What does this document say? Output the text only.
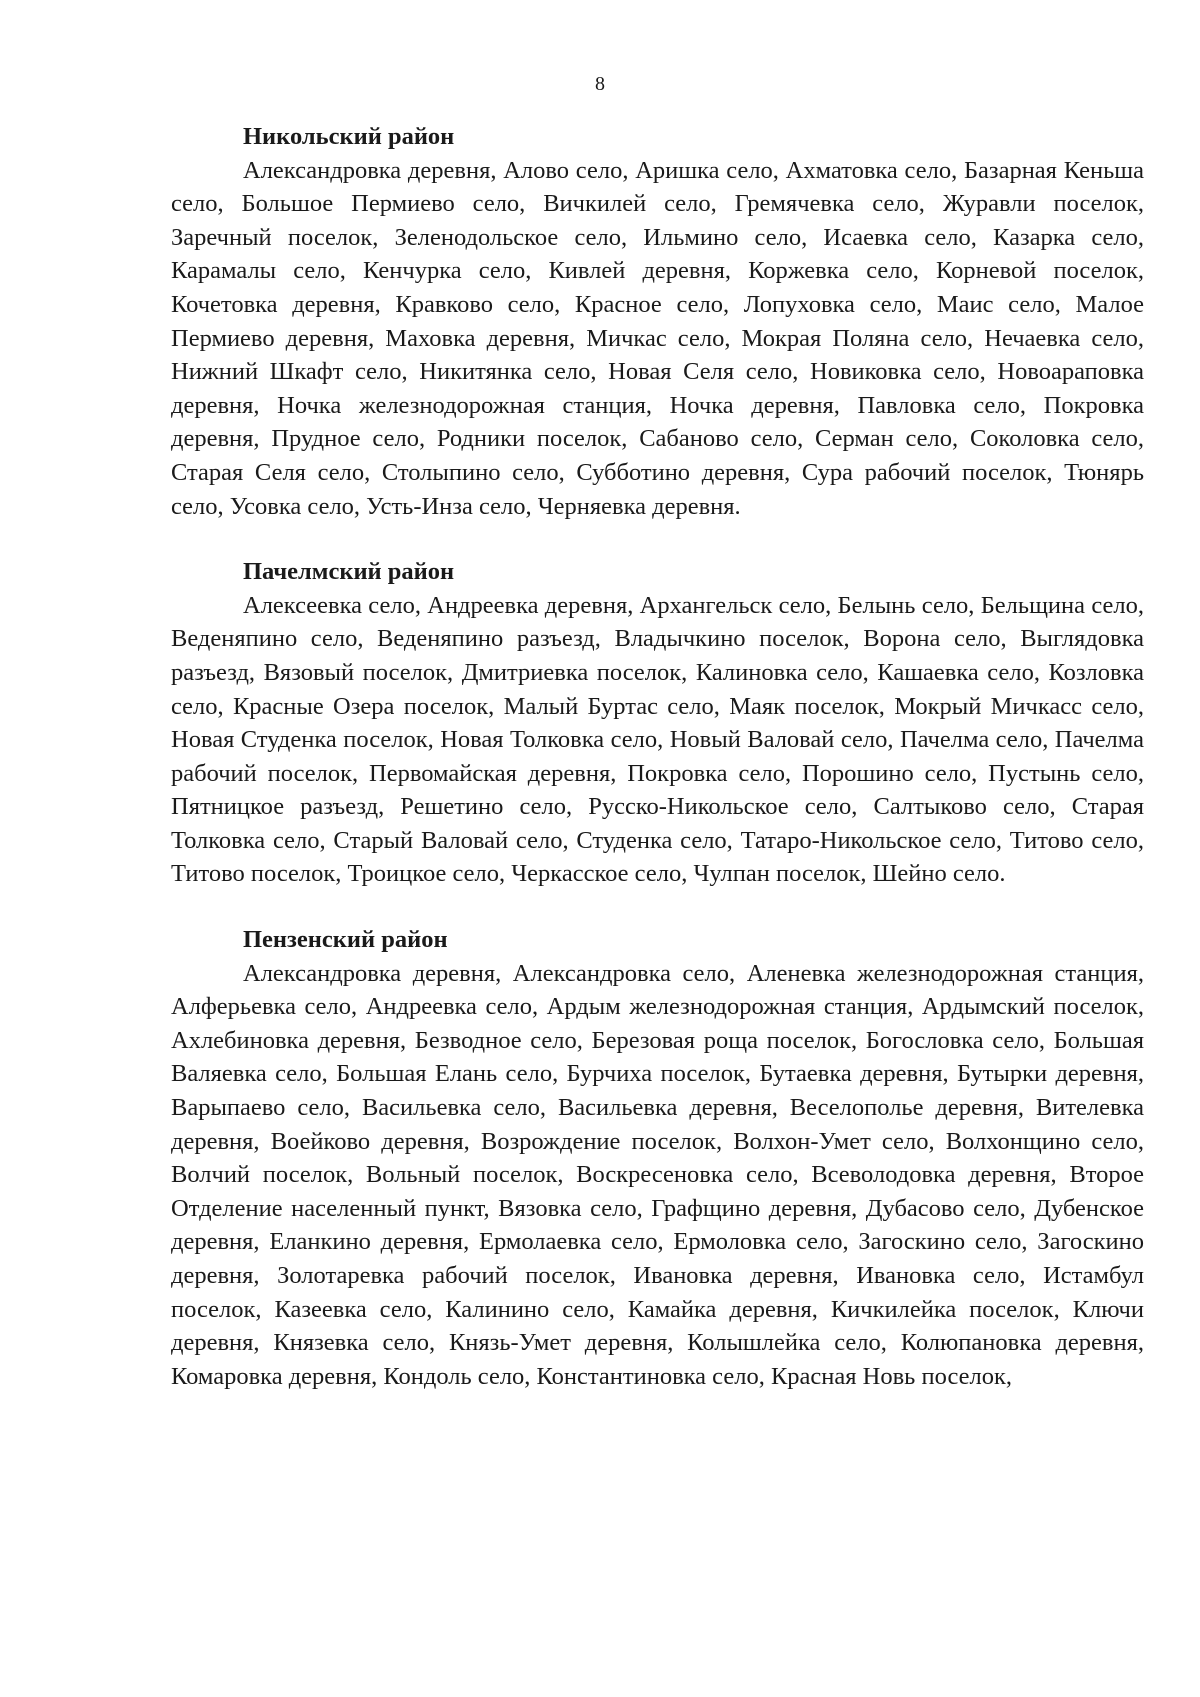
8

Никольский район

Александровка деревня, Алово село, Аришка село, Ахматовка село, Базарная Кеньша село, Большое Пермиево село, Вичкилей село, Гремячевка село, Журавли поселок, Заречный поселок, Зеленодольское село, Ильмино село, Исаевка село, Казарка село, Карамалы село, Кенчурка село, Кивлей деревня, Коржевка село, Корневой поселок, Кочетовка деревня, Кравково село, Красное село, Лопуховка село, Маис село, Малое Пермиево деревня, Маховка деревня, Мичкас село, Мокрая Поляна село, Нечаевка село, Нижний Шкафт село, Никитянка село, Новая Селя село, Новиковка село, Новоараповка деревня, Ночка железнодорожная станция, Ночка деревня, Павловка село, Покровка деревня, Прудное село, Родники поселок, Сабаново село, Серман село, Соколовка село, Старая Селя село, Столыпино село, Субботино деревня, Сура рабочий поселок, Тюнярь село, Усовка село, Усть-Инза село, Черняевка деревня.

Пачелмский район

Алексеевка село, Андреевка деревня, Архангельск село, Белынь село, Бельщина село, Веденяпино село, Веденяпино разъезд, Владычкино поселок, Ворона село, Выглядовка разъезд, Вязовый поселок, Дмитриевка поселок, Калиновка село, Кашаевка село, Козловка село, Красные Озера поселок, Малый Буртас село, Маяк поселок, Мокрый Мичкасс село, Новая Студенка поселок, Новая Толковка село, Новый Валовай село, Пачелма село, Пачелма рабочий поселок, Первомайская деревня, Покровка село, Порошино село, Пустынь село, Пятницкое разъезд, Решетино село, Русско-Никольское село, Салтыково село, Старая Толковка село, Старый Валовай село, Студенка село, Татаро-Никольское село, Титово село, Титово поселок, Троицкое село, Черкасское село, Чулпан поселок, Шейно село.

Пензенский район

Александровка деревня, Александровка село, Аленевка железнодорожная станция, Алферьевка село, Андреевка село, Ардым железнодорожная станция, Ардымский поселок, Ахлебиновка деревня, Безводное село, Березовая роща поселок, Богословка село, Большая Валяевка село, Большая Елань село, Бурчиха поселок, Бутаевка деревня, Бутырки деревня, Варыпаево село, Васильевка село, Васильевка деревня, Веселополье деревня, Вителевка деревня, Воейково деревня, Возрождение поселок, Волхон-Умет село, Волхонщино село, Волчий поселок, Вольный поселок, Воскресеновка село, Всеволодовка деревня, Второе Отделение населенный пункт, Вязовка село, Графщино деревня, Дубасово село, Дубенское деревня, Еланкино деревня, Ермолаевка село, Ермоловка село, Загоскино село, Загоскино деревня, Золотаревка рабочий поселок, Ивановка деревня, Ивановка село, Истамбул поселок, Казеевка село, Калинино село, Камайка деревня, Кичкилейка поселок, Ключи деревня, Князевка село, Князь-Умет деревня, Колышлейка село, Колюпановка деревня, Комаровка деревня, Кондоль село, Константиновка село, Красная Новь поселок,
